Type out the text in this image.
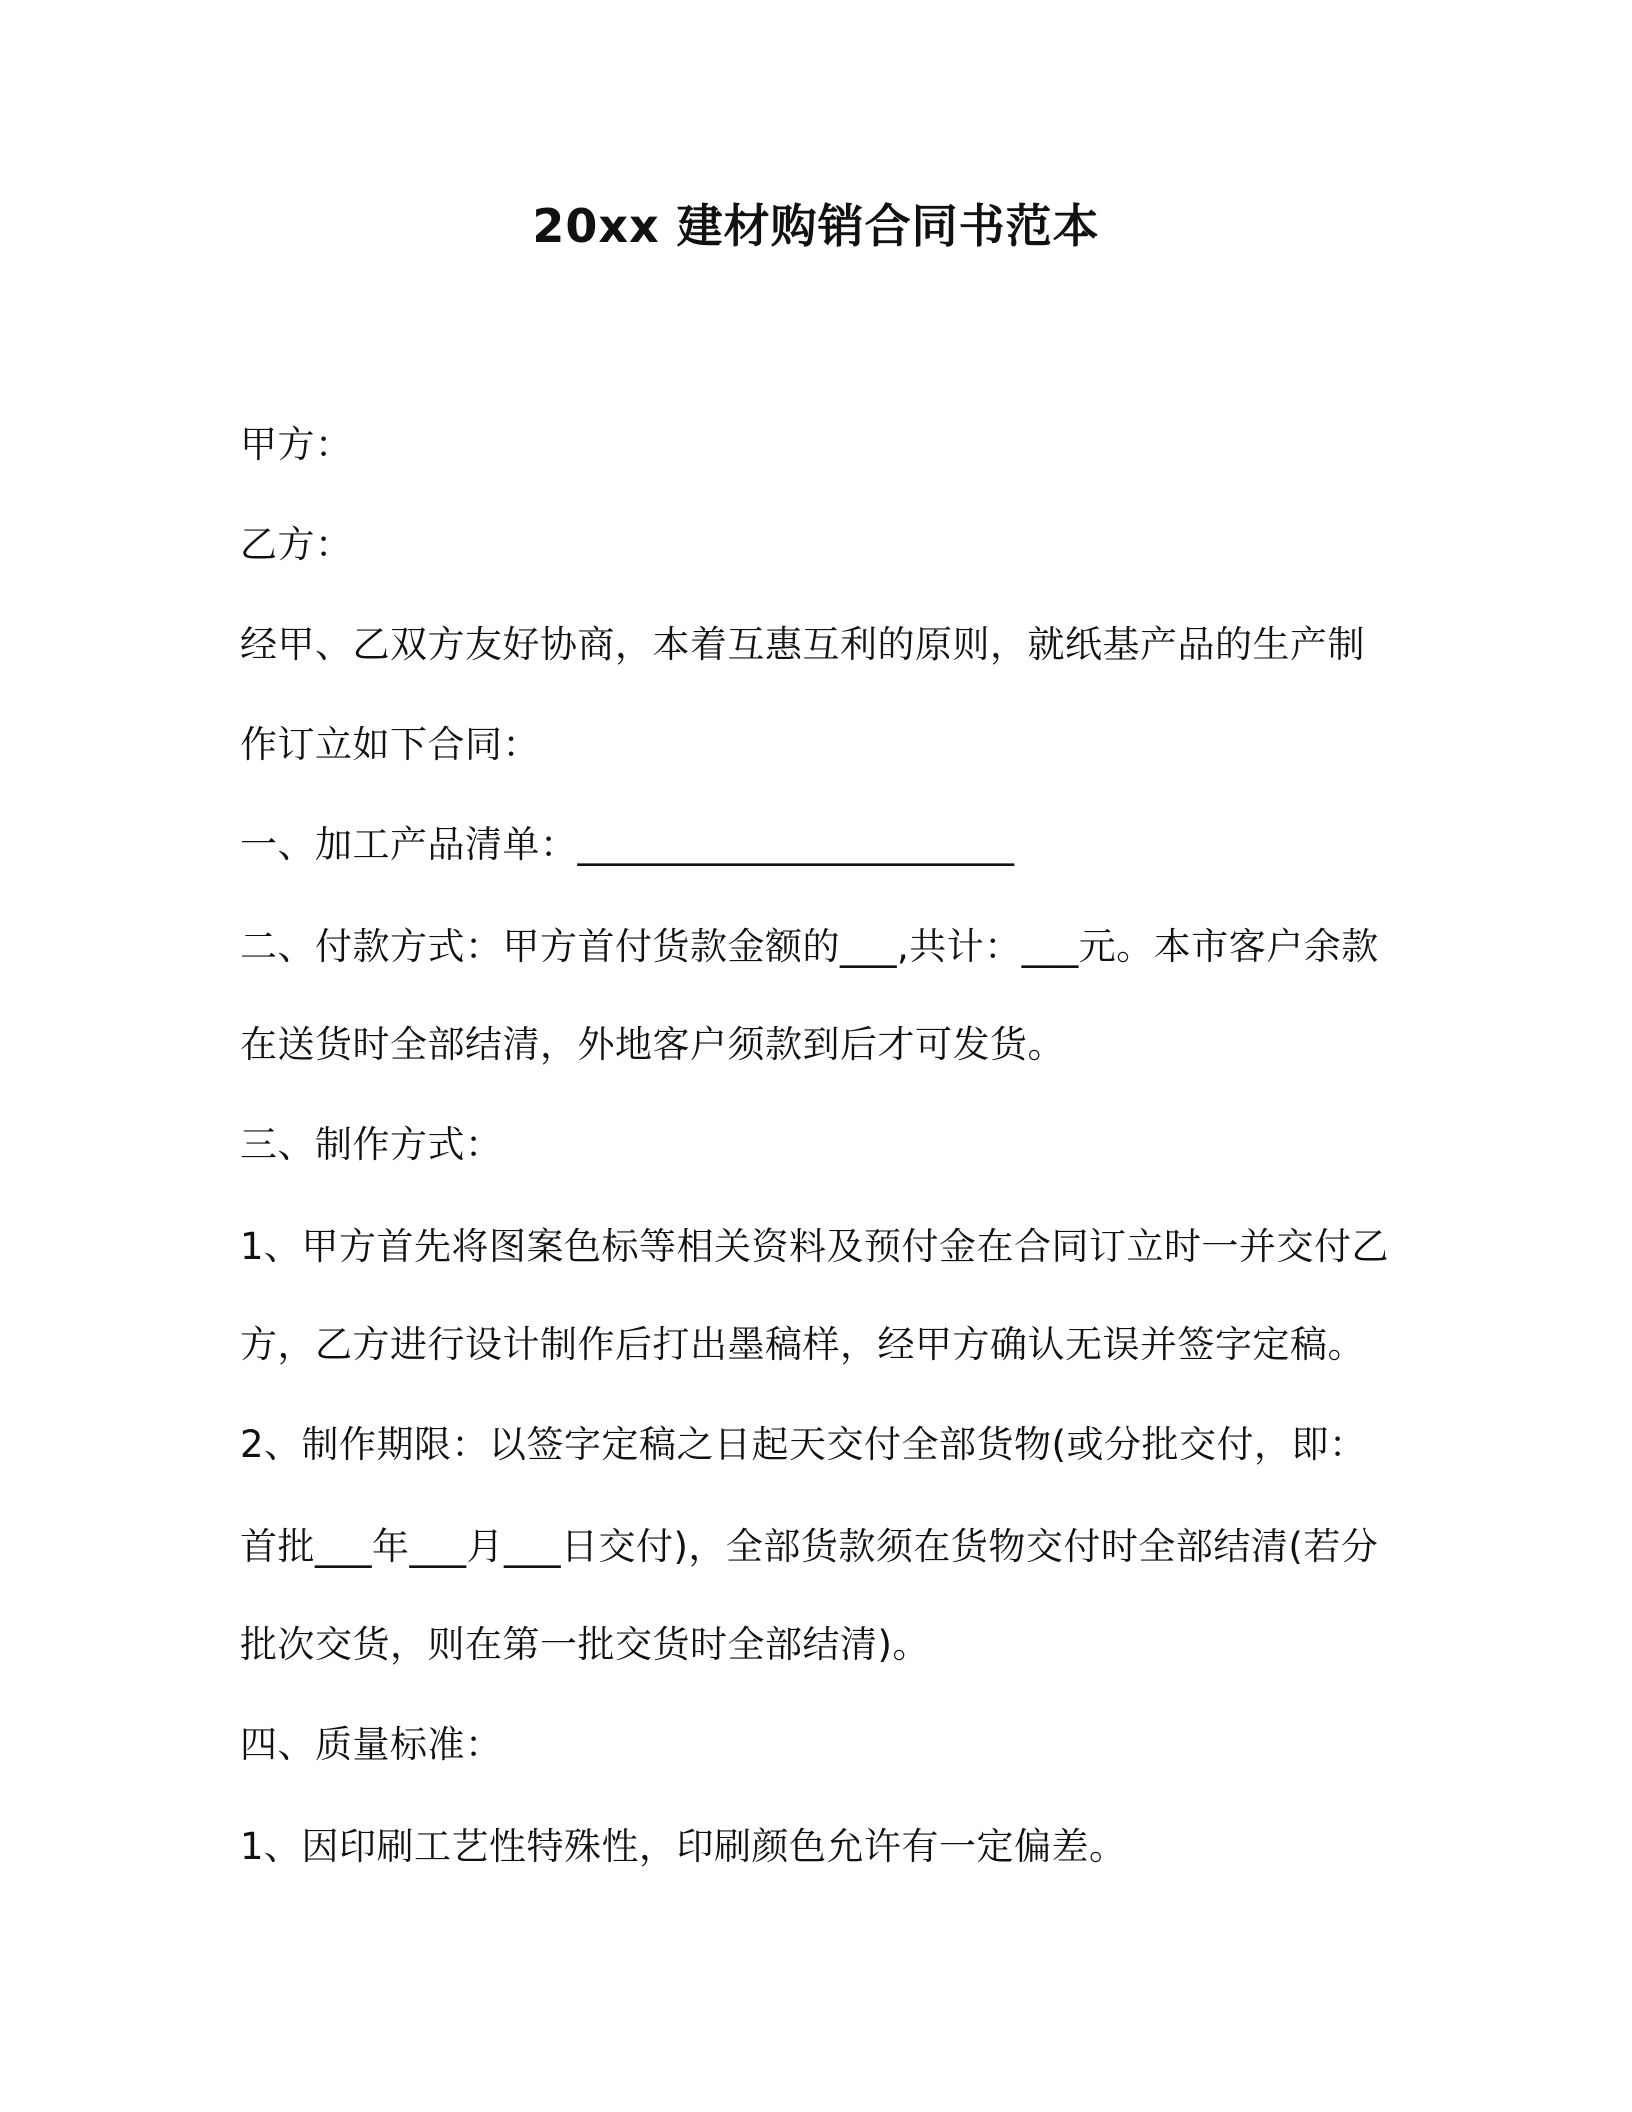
20xx 建材购销合同书范本
甲方：
乙方：
经甲、乙双方友好协商，本着互惠互利的原则，就纸基产品的生产制
作订立如下合同：
一、加工产品清单：_______________________
二、付款方式：甲方首付货款金额的___,共计：___元。本市客户余款
在送货时全部结清，外地客户须款到后才可发货。
三、制作方式：
1、甲方首先将图案色标等相关资料及预付金在合同订立时一并交付乙
方，乙方进行设计制作后打出墨稿样，经甲方确认无误并签字定稿。
2、制作期限：以签字定稿之日起天交付全部货物(或分批交付，即：
首批___年___月___日交付)，全部货款须在货物交付时全部结清(若分
批次交货，则在第一批交货时全部结清)。
四、质量标准：
1、因印刷工艺性特殊性，印刷颜色允许有一定偏差。
